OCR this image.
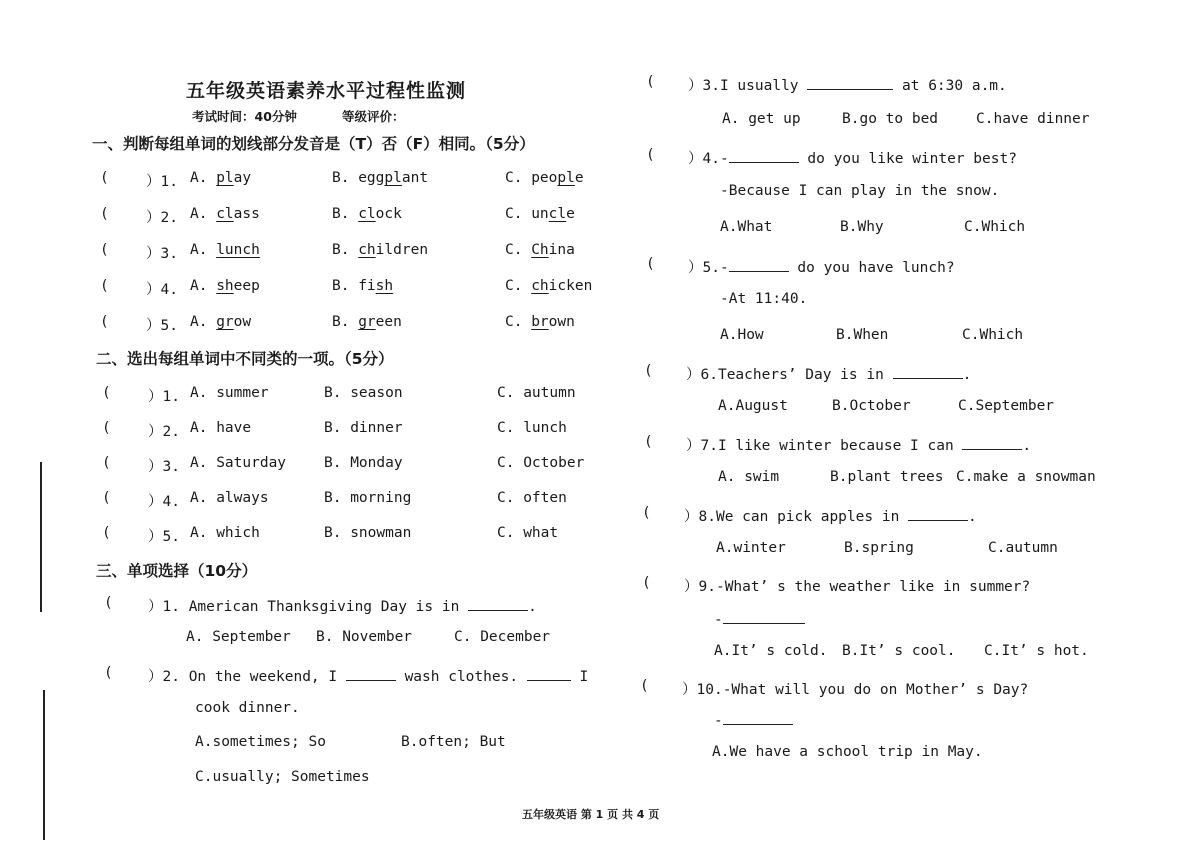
五年级英语素养水平过程性监测
考试时间：40分钟	等级评价：
一、判断每组单词的划线部分发音是（T）否（F）相同。（5分）
(	）1. A. play	B. eggplant	C. people
(	）2. A. class	B. clock	C. uncle
(	）3. A. lunch	B. children	C. China
(	）4. A. sheep	B. fish	C. chicken
(	）5. A. grow	B. green	C. brown
二、选出每组单词中不同类的一项。（5分）
(	）1. A. summer	B. season	C. autumn
(	）2. A. have	B. dinner	C. lunch
(	）3. A. Saturday	B. Monday	C. October
(	）4. A. always	B. morning	C. often
(	）5. A. which	B. snowman	C. what
三、单项选择（10分）
( ）1. American Thanksgiving Day is in	.
A. September B. November	C. December
( ）2. On the weekend, I	wash clothes.	I
cook dinner.
A.sometimes; So	B.often; But
C.usually; Sometimes
( ）3.I usually	at 6:30 a.m.
A. get up	B.go to bed	C.have dinner
( ）4.-	do you like winter best?
-Because I can play in the snow.
A.What	B.Why	C.Which
( ）5.-	do you have lunch?
-At 11:40.
A.How	B.When	C.Which
( ）6.Teachers’ Day is in	.
A.August	B.October	C.September
( ）7.I like winter because I can	.
A. swim	B.plant trees C.make a snowman
( ）8.We can pick apples in	.
A.winter	B.spring	C.autumn
( ）9.-What’ s the weather like in summer?
-
A.It’ s cold. B.It’ s cool. C.It’ s hot.
( ）10.-What will you do on Mother’ s Day?
-
A.We have a school trip in May.
五年级英语 第 1 页 共 4 页
